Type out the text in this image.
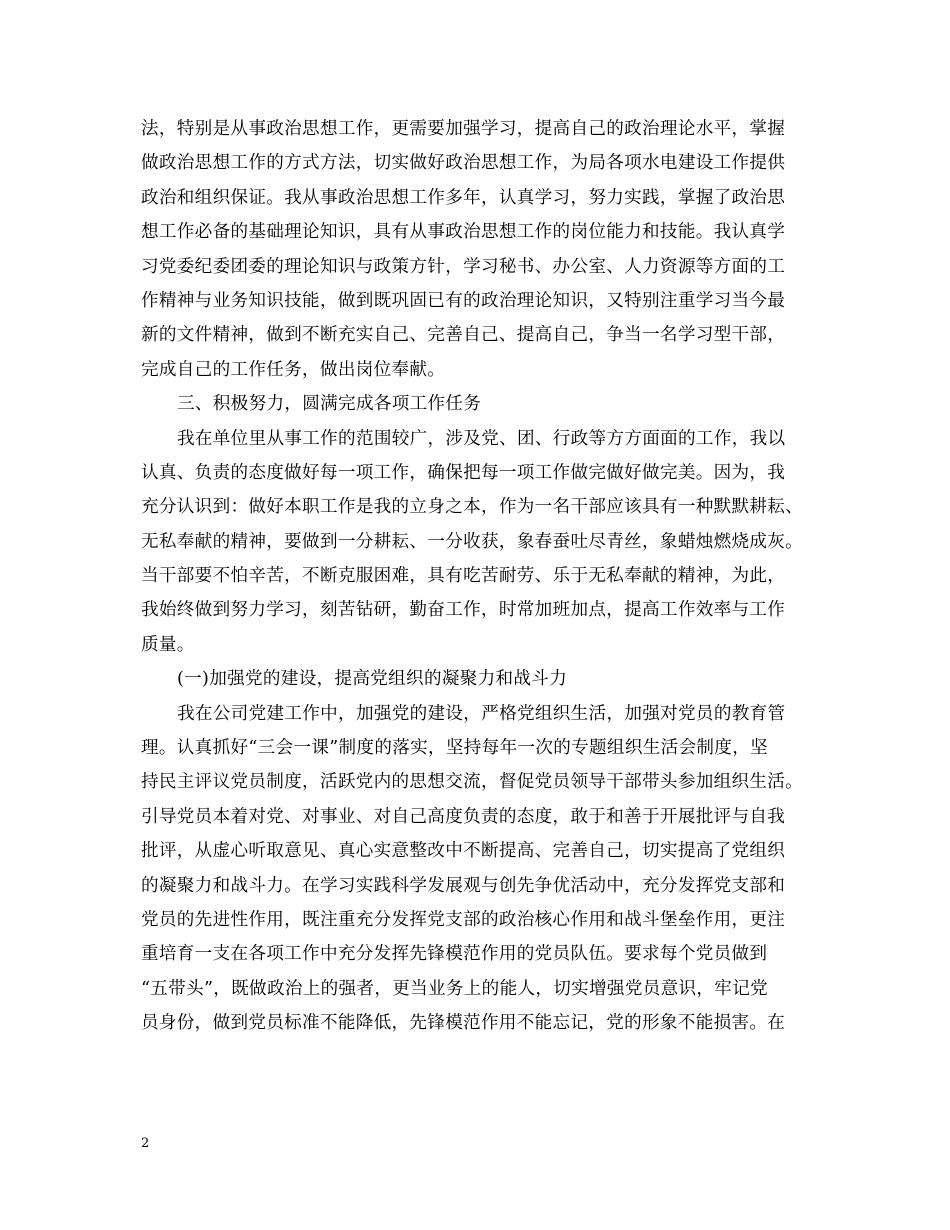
法，特别是从事政治思想工作，更需要加强学习，提高自己的政治理论水平，掌握
做政治思想工作的方式方法，切实做好政治思想工作，为局各项水电建设工作提供
政治和组织保证。我从事政治思想工作多年，认真学习，努力实践，掌握了政治思
想工作必备的基础理论知识，具有从事政治思想工作的岗位能力和技能。我认真学
习党委纪委团委的理论知识与政策方针，学习秘书、办公室、人力资源等方面的工
作精神与业务知识技能，做到既巩固已有的政治理论知识，又特别注重学习当今最
新的文件精神，做到不断充实自己、完善自己、提高自己，争当一名学习型干部，
完成自己的工作任务，做出岗位奉献。
三、积极努力，圆满完成各项工作任务
我在单位里从事工作的范围较广，涉及党、团、行政等方方面面的工作，我以
认真、负责的态度做好每一项工作，确保把每一项工作做完做好做完美。因为，我
充分认识到：做好本职工作是我的立身之本，作为一名干部应该具有一种默默耕耘、
无私奉献的精神，要做到一分耕耘、一分收获，象春蚕吐尽青丝，象蜡烛燃烧成灰。
当干部要不怕辛苦，不断克服困难，具有吃苦耐劳、乐于无私奉献的精神，为此，
我始终做到努力学习，刻苦钻研，勤奋工作，时常加班加点，提高工作效率与工作
质量。
(一)加强党的建设，提高党组织的凝聚力和战斗力
我在公司党建工作中，加强党的建设，严格党组织生活，加强对党员的教育管
理。认真抓好“三会一课”制度的落实，坚持每年一次的专题组织生活会制度，坚
持民主评议党员制度，活跃党内的思想交流，督促党员领导干部带头参加组织生活。
引导党员本着对党、对事业、对自己高度负责的态度，敢于和善于开展批评与自我
批评，从虚心听取意见、真心实意整改中不断提高、完善自己，切实提高了党组织
的凝聚力和战斗力。在学习实践科学发展观与创先争优活动中，充分发挥党支部和
党员的先进性作用，既注重充分发挥党支部的政治核心作用和战斗堡垒作用，更注
重培育一支在各项工作中充分发挥先锋模范作用的党员队伍。要求每个党员做到
“五带头”，既做政治上的强者，更当业务上的能人，切实增强党员意识，牢记党
员身份，做到党员标准不能降低，先锋模范作用不能忘记，党的形象不能损害。在
2
